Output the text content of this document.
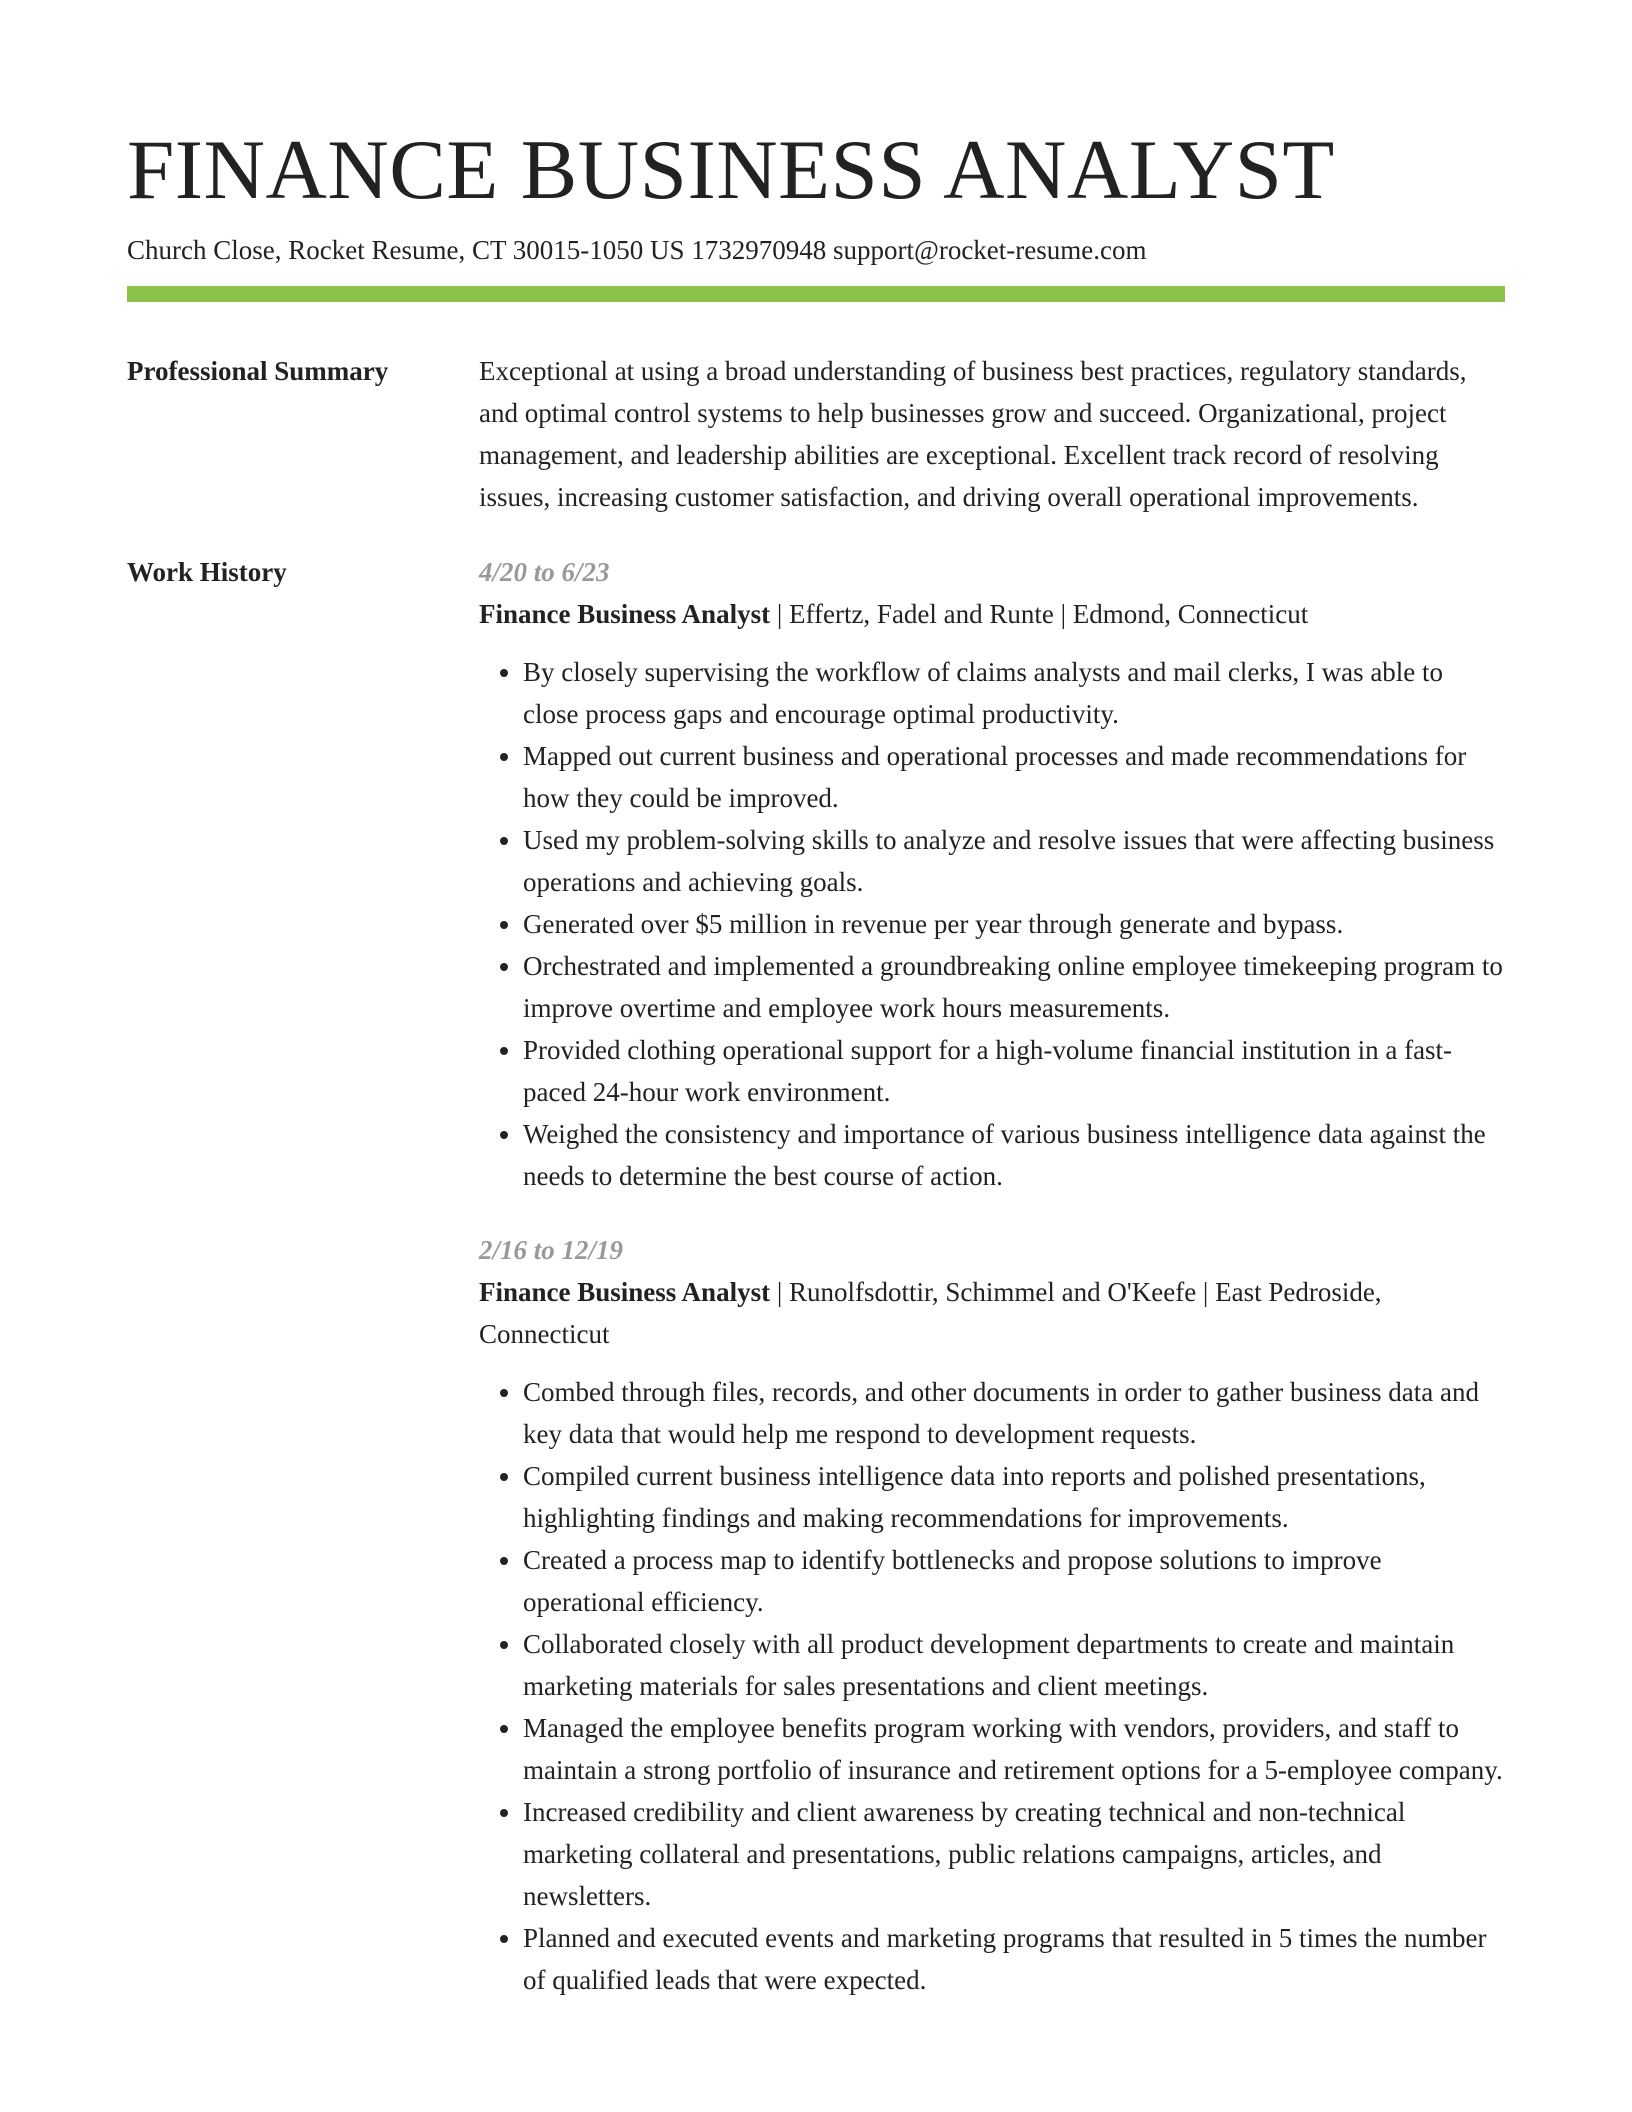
FINANCE BUSINESS ANALYST
Church Close, Rocket Resume, CT 30015-1050 US 1732970948 support@rocket-resume.com
Professional Summary	Exceptional at using a broad understanding of business best practices, regulatory standards, and optimal control systems to help businesses grow and succeed. Organizational, project management, and leadership abilities are exceptional. Excellent track record of resolving issues, increasing customer satisfaction, and driving overall operational improvements.
Work History	4/20 to 6/23
Finance Business Analyst | Effertz, Fadel and Runte | Edmond, Connecticut
• By closely supervising the workflow of claims analysts and mail clerks, I was able to close process gaps and encourage optimal productivity.
• Mapped out current business and operational processes and made recommendations for how they could be improved.
• Used my problem-solving skills to analyze and resolve issues that were affecting business operations and achieving goals.
• Generated over $5 million in revenue per year through generate and bypass.
• Orchestrated and implemented a groundbreaking online employee timekeeping program to improve overtime and employee work hours measurements.
• Provided clothing operational support for a high-volume financial institution in a fast-paced 24-hour work environment.
• Weighed the consistency and importance of various business intelligence data against the needs to determine the best course of action.
2/16 to 12/19
Finance Business Analyst | Runolfsdottir, Schimmel and O'Keefe | East Pedroside, Connecticut
• Combed through files, records, and other documents in order to gather business data and key data that would help me respond to development requests.
• Compiled current business intelligence data into reports and polished presentations, highlighting findings and making recommendations for improvements.
• Created a process map to identify bottlenecks and propose solutions to improve operational efficiency.
• Collaborated closely with all product development departments to create and maintain marketing materials for sales presentations and client meetings.
• Managed the employee benefits program working with vendors, providers, and staff to maintain a strong portfolio of insurance and retirement options for a 5-employee company.
• Increased credibility and client awareness by creating technical and non-technical marketing collateral and presentations, public relations campaigns, articles, and newsletters.
• Planned and executed events and marketing programs that resulted in 5 times the number of qualified leads that were expected.
